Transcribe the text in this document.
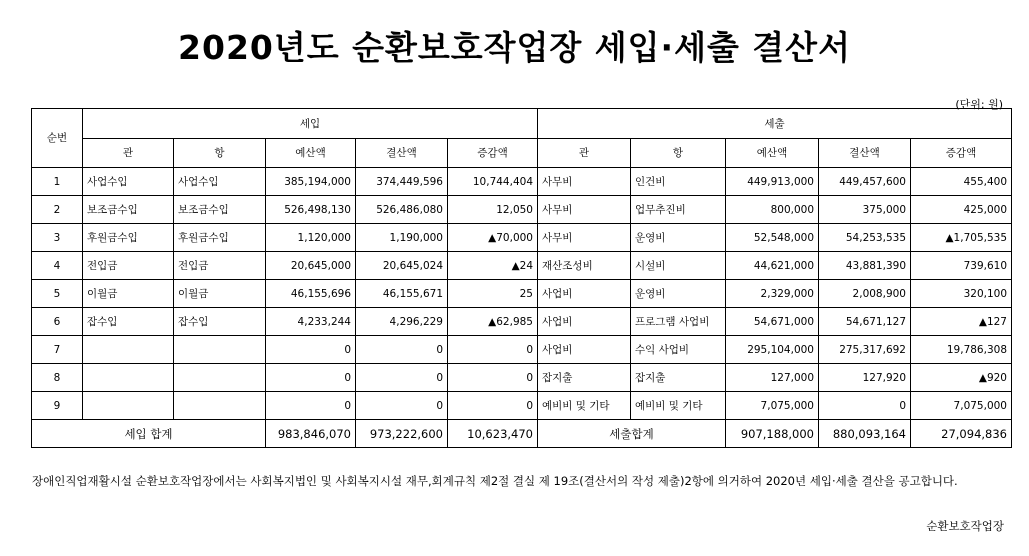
2020년도 순환보호작업장 세입·세출 결산서
(단위: 원)
순번	세입					세출				
	관	항	예산액	결산액	증감액	관	항	예산액	결산액	증감액
1	사업수입	사업수입	385,194,000	374,449,596	10,744,404	사무비	인건비	449,913,000	449,457,600	455,400
2	보조금수입	보조금수입	526,498,130	526,486,080	12,050	사무비	업무추진비	800,000	375,000	425,000
3	후원금수입	후원금수입	1,120,000	1,190,000	▲70,000	사무비	운영비	52,548,000	54,253,535	▲1,705,535
4	전입금	전입금	20,645,000	20,645,024	▲24	재산조성비	시설비	44,621,000	43,881,390	739,610
5	이월금	이월금	46,155,696	46,155,671	25	사업비	운영비	2,329,000	2,008,900	320,100
6	잡수입	잡수입	4,233,244	4,296,229	▲62,985	사업비	프로그램 사업비	54,671,000	54,671,127	▲127
7			0	0	0	사업비	수익 사업비	295,104,000	275,317,692	19,786,308
8			0	0	0	잡지출	잡지출	127,000	127,920	▲920
9			0	0	0	예비비 및 기타	예비비 및 기타	7,075,000	0	7,075,000
세입 합계			983,846,070	973,222,600	10,623,470	세출합계		907,188,000	880,093,164	27,094,836
장애인직업재활시설 순환보호작업장에서는 사회복지법인 및 사회복지시설 재무,회계규칙 제2절 결실 제 19조(결산서의 작성 제출)2항에 의거하여 2020년 세입·세출 결산을 공고합니다.
순환보호작업장
